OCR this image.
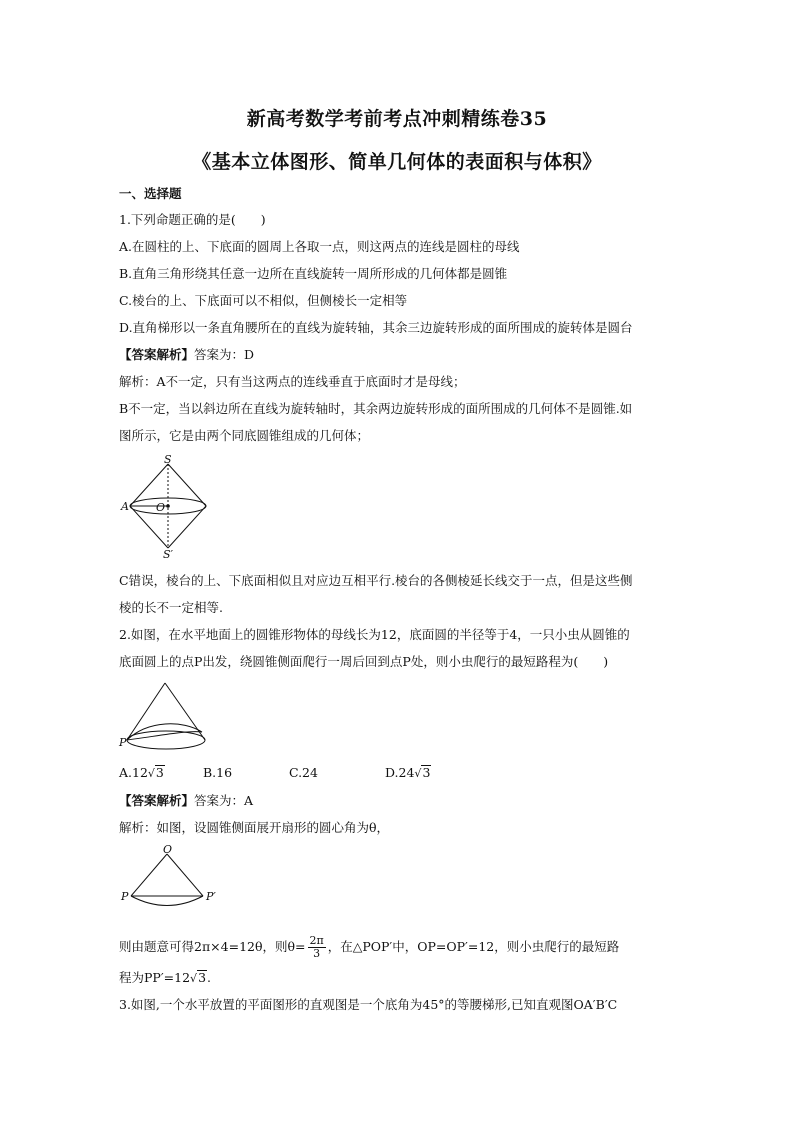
新高考数学考前考点冲刺精练卷35
《基本立体图形、简单几何体的表面积与体积》
一、选择题
1.下列命题正确的是(　　)
A.在圆柱的上、下底面的圆周上各取一点，则这两点的连线是圆柱的母线
B.直角三角形绕其任意一边所在直线旋转一周所形成的几何体都是圆锥
C.棱台的上、下底面可以不相似，但侧棱长一定相等
D.直角梯形以一条直角腰所在的直线为旋转轴，其余三边旋转形成的面所围成的旋转体是圆台
【答案解析】答案为：D
解析：A不一定，只有当这两点的连线垂直于底面时才是母线；
B不一定，当以斜边所在直线为旋转轴时，其余两边旋转形成的面所围成的几何体不是圆锥.如
图所示，它是由两个同底圆锥组成的几何体；
S
A O
S′
C错误，棱台的上、下底面相似且对应边互相平行.棱台的各侧棱延长线交于一点，但是这些侧
棱的长不一定相等.
2.如图，在水平地面上的圆锥形物体的母线长为12，底面圆的半径等于4，一只小虫从圆锥的
底面圆上的点P出发，绕圆锥侧面爬行一周后回到点P处，则小虫爬行的最短路程为(　　)
P
A.12√3	B.16	C.24	D.24√3
【答案解析】答案为：A
解析：如图，设圆锥侧面展开扇形的圆心角为θ，
O
P	P′
则由题意可得2π×4=12θ，则$\theta= \frac{2\pi}{3}$ ，在△POP′中，OP=OP′=12，则小虫爬行的最短路
程为PP′=12√3.
3.如图,一个水平放置的平面图形的直观图是一个底角为45°的等腰梯形,已知直观图OA′B′C
